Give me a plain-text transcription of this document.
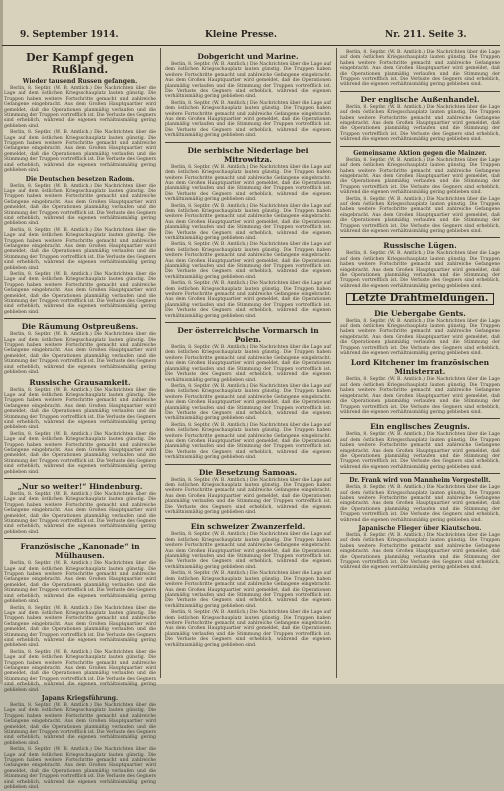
9. September 1914.	Kleine Presse.	Nr. 211. Seite 3.
Der Kampf gegen Rußland.
Wieder tausend Russen gefangen.

Berlin, 8. Septbr. (W. B. Amtlich.) Die Nachrichten über die Lage auf dem östlichen Kriegsschauplatz lauten günstig. Die Truppen haben weitere Fortschritte gemacht und zahlreiche Gefangene eingebracht. Aus dem Großen Hauptquartier wird gemeldet, daß die Operationen planmäßig verlaufen und die Stimmung der Truppen vortrefflich ist. Die Verluste des Gegners sind erheblich, während die eigenen verhältnismäßig gering geblieben sind.

Berlin, 8. Septbr. (W. B. Amtlich.) Die Nachrichten über die Lage auf dem östlichen Kriegsschauplatz lauten günstig. Die Truppen haben weitere Fortschritte gemacht und zahlreiche Gefangene eingebracht. Aus dem Großen Hauptquartier wird gemeldet, daß die Operationen planmäßig verlaufen und die Stimmung der Truppen vortrefflich ist. Die Verluste des Gegners sind erheblich, während die eigenen verhältnismäßig gering geblieben sind.

Die Deutschen besetzen Radom.

Berlin, 8. Septbr. (W. B. Amtlich.) Die Nachrichten über die Lage auf dem östlichen Kriegsschauplatz lauten günstig. Die Truppen haben weitere Fortschritte gemacht und zahlreiche Gefangene eingebracht. Aus dem Großen Hauptquartier wird gemeldet, daß die Operationen planmäßig verlaufen und die Stimmung der Truppen vortrefflich ist. Die Verluste des Gegners sind erheblich, während die eigenen verhältnismäßig gering geblieben sind.

Berlin, 8. Septbr. (W. B. Amtlich.) Die Nachrichten über die Lage auf dem östlichen Kriegsschauplatz lauten günstig. Die Truppen haben weitere Fortschritte gemacht und zahlreiche Gefangene eingebracht. Aus dem Großen Hauptquartier wird gemeldet, daß die Operationen planmäßig verlaufen und die Stimmung der Truppen vortrefflich ist. Die Verluste des Gegners sind erheblich, während die eigenen verhältnismäßig gering geblieben sind.

Berlin, 8. Septbr. (W. B. Amtlich.) Die Nachrichten über die Lage auf dem östlichen Kriegsschauplatz lauten günstig. Die Truppen haben weitere Fortschritte gemacht und zahlreiche Gefangene eingebracht. Aus dem Großen Hauptquartier wird gemeldet, daß die Operationen planmäßig verlaufen und die Stimmung der Truppen vortrefflich ist. Die Verluste des Gegners sind erheblich, während die eigenen verhältnismäßig gering geblieben sind.

Die Räumung Ostpreußens.

Berlin, 8. Septbr. (W. B. Amtlich.) Die Nachrichten über die Lage auf dem östlichen Kriegsschauplatz lauten günstig. Die Truppen haben weitere Fortschritte gemacht und zahlreiche Gefangene eingebracht. Aus dem Großen Hauptquartier wird gemeldet, daß die Operationen planmäßig verlaufen und die Stimmung der Truppen vortrefflich ist. Die Verluste des Gegners sind erheblich, während die eigenen verhältnismäßig gering geblieben sind.

Russische Grausamkeit.

Berlin, 8. Septbr. (W. B. Amtlich.) Die Nachrichten über die Lage auf dem östlichen Kriegsschauplatz lauten günstig. Die Truppen haben weitere Fortschritte gemacht und zahlreiche Gefangene eingebracht. Aus dem Großen Hauptquartier wird gemeldet, daß die Operationen planmäßig verlaufen und die Stimmung der Truppen vortrefflich ist. Die Verluste des Gegners sind erheblich, während die eigenen verhältnismäßig gering geblieben sind.

Berlin, 8. Septbr. (W. B. Amtlich.) Die Nachrichten über die Lage auf dem östlichen Kriegsschauplatz lauten günstig. Die Truppen haben weitere Fortschritte gemacht und zahlreiche Gefangene eingebracht. Aus dem Großen Hauptquartier wird gemeldet, daß die Operationen planmäßig verlaufen und die Stimmung der Truppen vortrefflich ist. Die Verluste des Gegners sind erheblich, während die eigenen verhältnismäßig gering geblieben sind.

„Nur so weiter!“ Hindenburg.

Berlin, 8. Septbr. (W. B. Amtlich.) Die Nachrichten über die Lage auf dem östlichen Kriegsschauplatz lauten günstig. Die Truppen haben weitere Fortschritte gemacht und zahlreiche Gefangene eingebracht. Aus dem Großen Hauptquartier wird gemeldet, daß die Operationen planmäßig verlaufen und die Stimmung der Truppen vortrefflich ist. Die Verluste des Gegners sind erheblich, während die eigenen verhältnismäßig gering geblieben sind.

Französische „Kanonade“ in Mülhausen.

Berlin, 8. Septbr. (W. B. Amtlich.) Die Nachrichten über die Lage auf dem östlichen Kriegsschauplatz lauten günstig. Die Truppen haben weitere Fortschritte gemacht und zahlreiche Gefangene eingebracht. Aus dem Großen Hauptquartier wird gemeldet, daß die Operationen planmäßig verlaufen und die Stimmung der Truppen vortrefflich ist. Die Verluste des Gegners sind erheblich, während die eigenen verhältnismäßig gering geblieben sind.

Berlin, 8. Septbr. (W. B. Amtlich.) Die Nachrichten über die Lage auf dem östlichen Kriegsschauplatz lauten günstig. Die Truppen haben weitere Fortschritte gemacht und zahlreiche Gefangene eingebracht. Aus dem Großen Hauptquartier wird gemeldet, daß die Operationen planmäßig verlaufen und die Stimmung der Truppen vortrefflich ist. Die Verluste des Gegners sind erheblich, während die eigenen verhältnismäßig gering geblieben sind.

Berlin, 8. Septbr. (W. B. Amtlich.) Die Nachrichten über die Lage auf dem östlichen Kriegsschauplatz lauten günstig. Die Truppen haben weitere Fortschritte gemacht und zahlreiche Gefangene eingebracht. Aus dem Großen Hauptquartier wird gemeldet, daß die Operationen planmäßig verlaufen und die Stimmung der Truppen vortrefflich ist. Die Verluste des Gegners sind erheblich, während die eigenen verhältnismäßig gering geblieben sind.

Japans Kriegsführung.

Berlin, 8. Septbr. (W. B. Amtlich.) Die Nachrichten über die Lage auf dem östlichen Kriegsschauplatz lauten günstig. Die Truppen haben weitere Fortschritte gemacht und zahlreiche Gefangene eingebracht. Aus dem Großen Hauptquartier wird gemeldet, daß die Operationen planmäßig verlaufen und die Stimmung der Truppen vortrefflich ist. Die Verluste des Gegners sind erheblich, während die eigenen verhältnismäßig gering geblieben sind.

Berlin, 8. Septbr. (W. B. Amtlich.) Die Nachrichten über die Lage auf dem östlichen Kriegsschauplatz lauten günstig. Die Truppen haben weitere Fortschritte gemacht und zahlreiche Gefangene eingebracht. Aus dem Großen Hauptquartier wird gemeldet, daß die Operationen planmäßig verlaufen und die Stimmung der Truppen vortrefflich ist. Die Verluste des Gegners sind erheblich, während die eigenen verhältnismäßig gering geblieben sind.

Dobgericht und Marine.

Berlin, 8. Septbr. (W. B. Amtlich.) Die Nachrichten über die Lage auf dem östlichen Kriegsschauplatz lauten günstig. Die Truppen haben weitere Fortschritte gemacht und zahlreiche Gefangene eingebracht. Aus dem Großen Hauptquartier wird gemeldet, daß die Operationen planmäßig verlaufen und die Stimmung der Truppen vortrefflich ist. Die Verluste des Gegners sind erheblich, während die eigenen verhältnismäßig gering geblieben sind.

Berlin, 8. Septbr. (W. B. Amtlich.) Die Nachrichten über die Lage auf dem östlichen Kriegsschauplatz lauten günstig. Die Truppen haben weitere Fortschritte gemacht und zahlreiche Gefangene eingebracht. Aus dem Großen Hauptquartier wird gemeldet, daß die Operationen planmäßig verlaufen und die Stimmung der Truppen vortrefflich ist. Die Verluste des Gegners sind erheblich, während die eigenen verhältnismäßig gering geblieben sind.

Die serbische Niederlage bei Mitrowitza.

Berlin, 8. Septbr. (W. B. Amtlich.) Die Nachrichten über die Lage auf dem östlichen Kriegsschauplatz lauten günstig. Die Truppen haben weitere Fortschritte gemacht und zahlreiche Gefangene eingebracht. Aus dem Großen Hauptquartier wird gemeldet, daß die Operationen planmäßig verlaufen und die Stimmung der Truppen vortrefflich ist. Die Verluste des Gegners sind erheblich, während die eigenen verhältnismäßig gering geblieben sind.

Berlin, 8. Septbr. (W. B. Amtlich.) Die Nachrichten über die Lage auf dem östlichen Kriegsschauplatz lauten günstig. Die Truppen haben weitere Fortschritte gemacht und zahlreiche Gefangene eingebracht. Aus dem Großen Hauptquartier wird gemeldet, daß die Operationen planmäßig verlaufen und die Stimmung der Truppen vortrefflich ist. Die Verluste des Gegners sind erheblich, während die eigenen verhältnismäßig gering geblieben sind.

Berlin, 8. Septbr. (W. B. Amtlich.) Die Nachrichten über die Lage auf dem östlichen Kriegsschauplatz lauten günstig. Die Truppen haben weitere Fortschritte gemacht und zahlreiche Gefangene eingebracht. Aus dem Großen Hauptquartier wird gemeldet, daß die Operationen planmäßig verlaufen und die Stimmung der Truppen vortrefflich ist. Die Verluste des Gegners sind erheblich, während die eigenen verhältnismäßig gering geblieben sind.

Berlin, 8. Septbr. (W. B. Amtlich.) Die Nachrichten über die Lage auf dem östlichen Kriegsschauplatz lauten günstig. Die Truppen haben weitere Fortschritte gemacht und zahlreiche Gefangene eingebracht. Aus dem Großen Hauptquartier wird gemeldet, daß die Operationen planmäßig verlaufen und die Stimmung der Truppen vortrefflich ist. Die Verluste des Gegners sind erheblich, während die eigenen verhältnismäßig gering geblieben sind.

Der österreichische Vormarsch in Polen.

Berlin, 8. Septbr. (W. B. Amtlich.) Die Nachrichten über die Lage auf dem östlichen Kriegsschauplatz lauten günstig. Die Truppen haben weitere Fortschritte gemacht und zahlreiche Gefangene eingebracht. Aus dem Großen Hauptquartier wird gemeldet, daß die Operationen planmäßig verlaufen und die Stimmung der Truppen vortrefflich ist. Die Verluste des Gegners sind erheblich, während die eigenen verhältnismäßig gering geblieben sind.

Berlin, 8. Septbr. (W. B. Amtlich.) Die Nachrichten über die Lage auf dem östlichen Kriegsschauplatz lauten günstig. Die Truppen haben weitere Fortschritte gemacht und zahlreiche Gefangene eingebracht. Aus dem Großen Hauptquartier wird gemeldet, daß die Operationen planmäßig verlaufen und die Stimmung der Truppen vortrefflich ist. Die Verluste des Gegners sind erheblich, während die eigenen verhältnismäßig gering geblieben sind.

Berlin, 8. Septbr. (W. B. Amtlich.) Die Nachrichten über die Lage auf dem östlichen Kriegsschauplatz lauten günstig. Die Truppen haben weitere Fortschritte gemacht und zahlreiche Gefangene eingebracht. Aus dem Großen Hauptquartier wird gemeldet, daß die Operationen planmäßig verlaufen und die Stimmung der Truppen vortrefflich ist. Die Verluste des Gegners sind erheblich, während die eigenen verhältnismäßig gering geblieben sind.

Die Besetzung Samoas.

Berlin, 8. Septbr. (W. B. Amtlich.) Die Nachrichten über die Lage auf dem östlichen Kriegsschauplatz lauten günstig. Die Truppen haben weitere Fortschritte gemacht und zahlreiche Gefangene eingebracht. Aus dem Großen Hauptquartier wird gemeldet, daß die Operationen planmäßig verlaufen und die Stimmung der Truppen vortrefflich ist. Die Verluste des Gegners sind erheblich, während die eigenen verhältnismäßig gering geblieben sind.

Ein schweizer Zwanzerfeld.

Berlin, 8. Septbr. (W. B. Amtlich.) Die Nachrichten über die Lage auf dem östlichen Kriegsschauplatz lauten günstig. Die Truppen haben weitere Fortschritte gemacht und zahlreiche Gefangene eingebracht. Aus dem Großen Hauptquartier wird gemeldet, daß die Operationen planmäßig verlaufen und die Stimmung der Truppen vortrefflich ist. Die Verluste des Gegners sind erheblich, während die eigenen verhältnismäßig gering geblieben sind.

Berlin, 8. Septbr. (W. B. Amtlich.) Die Nachrichten über die Lage auf dem östlichen Kriegsschauplatz lauten günstig. Die Truppen haben weitere Fortschritte gemacht und zahlreiche Gefangene eingebracht. Aus dem Großen Hauptquartier wird gemeldet, daß die Operationen planmäßig verlaufen und die Stimmung der Truppen vortrefflich ist. Die Verluste des Gegners sind erheblich, während die eigenen verhältnismäßig gering geblieben sind.

Berlin, 8. Septbr. (W. B. Amtlich.) Die Nachrichten über die Lage auf dem östlichen Kriegsschauplatz lauten günstig. Die Truppen haben weitere Fortschritte gemacht und zahlreiche Gefangene eingebracht. Aus dem Großen Hauptquartier wird gemeldet, daß die Operationen planmäßig verlaufen und die Stimmung der Truppen vortrefflich ist. Die Verluste des Gegners sind erheblich, während die eigenen verhältnismäßig gering geblieben sind.

Berlin, 8. Septbr. (W. B. Amtlich.) Die Nachrichten über die Lage auf dem östlichen Kriegsschauplatz lauten günstig. Die Truppen haben weitere Fortschritte gemacht und zahlreiche Gefangene eingebracht. Aus dem Großen Hauptquartier wird gemeldet, daß die Operationen planmäßig verlaufen und die Stimmung der Truppen vortrefflich ist. Die Verluste des Gegners sind erheblich, während die eigenen verhältnismäßig gering geblieben sind.

Der englische Außenhandel.

Berlin, 8. Septbr. (W. B. Amtlich.) Die Nachrichten über die Lage auf dem östlichen Kriegsschauplatz lauten günstig. Die Truppen haben weitere Fortschritte gemacht und zahlreiche Gefangene eingebracht. Aus dem Großen Hauptquartier wird gemeldet, daß die Operationen planmäßig verlaufen und die Stimmung der Truppen vortrefflich ist. Die Verluste des Gegners sind erheblich, während die eigenen verhältnismäßig gering geblieben sind.

Gemeinsame Aktion gegen die Mainzer.

Berlin, 8. Septbr. (W. B. Amtlich.) Die Nachrichten über die Lage auf dem östlichen Kriegsschauplatz lauten günstig. Die Truppen haben weitere Fortschritte gemacht und zahlreiche Gefangene eingebracht. Aus dem Großen Hauptquartier wird gemeldet, daß die Operationen planmäßig verlaufen und die Stimmung der Truppen vortrefflich ist. Die Verluste des Gegners sind erheblich, während die eigenen verhältnismäßig gering geblieben sind.

Berlin, 8. Septbr. (W. B. Amtlich.) Die Nachrichten über die Lage auf dem östlichen Kriegsschauplatz lauten günstig. Die Truppen haben weitere Fortschritte gemacht und zahlreiche Gefangene eingebracht. Aus dem Großen Hauptquartier wird gemeldet, daß die Operationen planmäßig verlaufen und die Stimmung der Truppen vortrefflich ist. Die Verluste des Gegners sind erheblich, während die eigenen verhältnismäßig gering geblieben sind.

Russische Lügen.

Berlin, 8. Septbr. (W. B. Amtlich.) Die Nachrichten über die Lage auf dem östlichen Kriegsschauplatz lauten günstig. Die Truppen haben weitere Fortschritte gemacht und zahlreiche Gefangene eingebracht. Aus dem Großen Hauptquartier wird gemeldet, daß die Operationen planmäßig verlaufen und die Stimmung der Truppen vortrefflich ist. Die Verluste des Gegners sind erheblich, während die eigenen verhältnismäßig gering geblieben sind.

Letzte Drahtmeldungen.
Die Uebergabe Gents.

Berlin, 8. Septbr. (W. B. Amtlich.) Die Nachrichten über die Lage auf dem östlichen Kriegsschauplatz lauten günstig. Die Truppen haben weitere Fortschritte gemacht und zahlreiche Gefangene eingebracht. Aus dem Großen Hauptquartier wird gemeldet, daß die Operationen planmäßig verlaufen und die Stimmung der Truppen vortrefflich ist. Die Verluste des Gegners sind erheblich, während die eigenen verhältnismäßig gering geblieben sind.

Lord Kitchener im französischen Ministerrat.

Berlin, 8. Septbr. (W. B. Amtlich.) Die Nachrichten über die Lage auf dem östlichen Kriegsschauplatz lauten günstig. Die Truppen haben weitere Fortschritte gemacht und zahlreiche Gefangene eingebracht. Aus dem Großen Hauptquartier wird gemeldet, daß die Operationen planmäßig verlaufen und die Stimmung der Truppen vortrefflich ist. Die Verluste des Gegners sind erheblich, während die eigenen verhältnismäßig gering geblieben sind.

Ein englisches Zeugnis.

Berlin, 8. Septbr. (W. B. Amtlich.) Die Nachrichten über die Lage auf dem östlichen Kriegsschauplatz lauten günstig. Die Truppen haben weitere Fortschritte gemacht und zahlreiche Gefangene eingebracht. Aus dem Großen Hauptquartier wird gemeldet, daß die Operationen planmäßig verlaufen und die Stimmung der Truppen vortrefflich ist. Die Verluste des Gegners sind erheblich, während die eigenen verhältnismäßig gering geblieben sind.

Dr. Frank wird von Mannheim Vorgestellt.

Berlin, 8. Septbr. (W. B. Amtlich.) Die Nachrichten über die Lage auf dem östlichen Kriegsschauplatz lauten günstig. Die Truppen haben weitere Fortschritte gemacht und zahlreiche Gefangene eingebracht. Aus dem Großen Hauptquartier wird gemeldet, daß die Operationen planmäßig verlaufen und die Stimmung der Truppen vortrefflich ist. Die Verluste des Gegners sind erheblich, während die eigenen verhältnismäßig gering geblieben sind.

Japanische Flieger über Kiautschou.

Berlin, 8. Septbr. (W. B. Amtlich.) Die Nachrichten über die Lage auf dem östlichen Kriegsschauplatz lauten günstig. Die Truppen haben weitere Fortschritte gemacht und zahlreiche Gefangene eingebracht. Aus dem Großen Hauptquartier wird gemeldet, daß die Operationen planmäßig verlaufen und die Stimmung der Truppen vortrefflich ist. Die Verluste des Gegners sind erheblich, während die eigenen verhältnismäßig gering geblieben sind.
